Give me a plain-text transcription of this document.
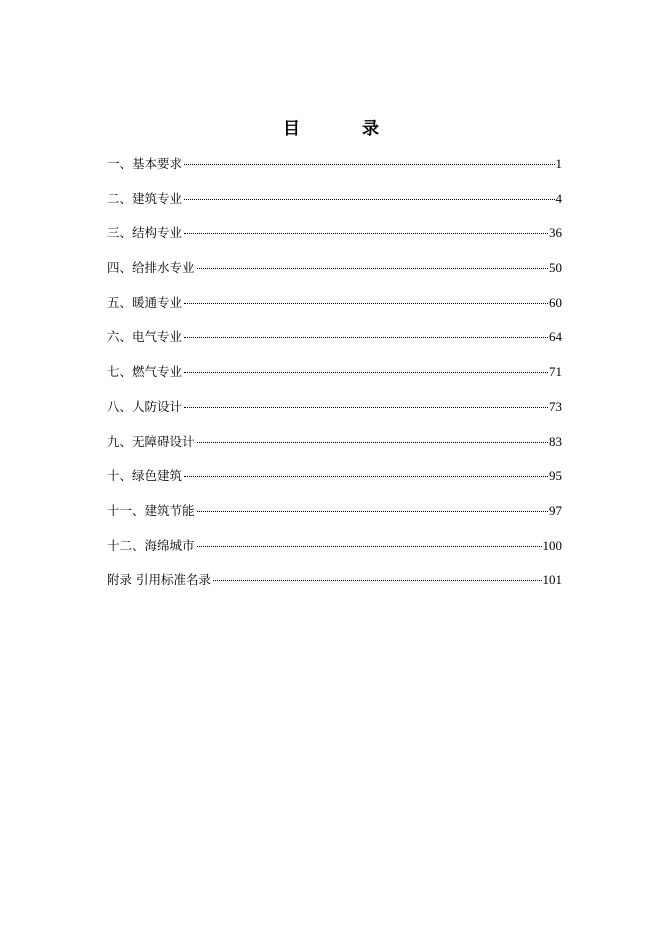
目 录
一、基本要求	1
二、建筑专业	4
三、结构专业	36
四、给排水专业	50
五、暖通专业	60
六、电气专业	64
七、燃气专业	71
八、人防设计	73
九、无障碍设计	83
十、绿色建筑	95
十一、建筑节能	97
十二、海绵城市	100
附录 引用标准名录	101
